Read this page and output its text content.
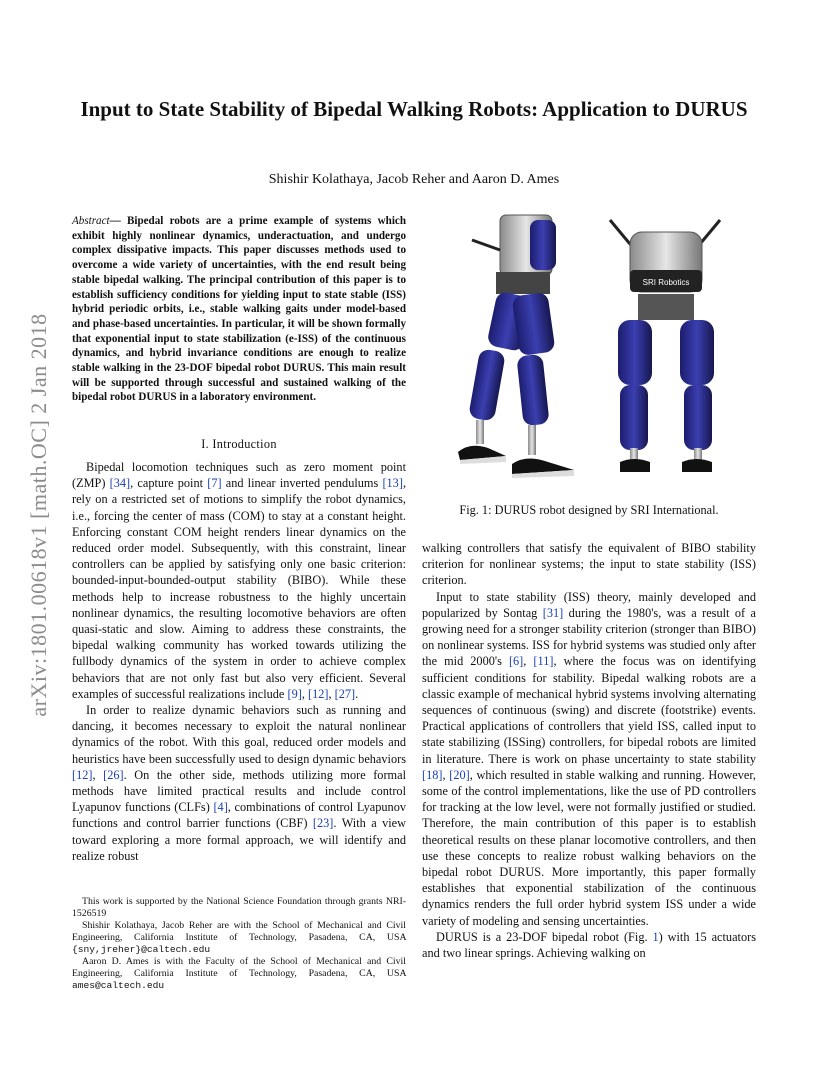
Input to State Stability of Bipedal Walking Robots: Application to DURUS
Shishir Kolathaya, Jacob Reher and Aaron D. Ames
arXiv:1801.00618v1 [math.OC] 2 Jan 2018
Abstract— Bipedal robots are a prime example of systems which exhibit highly nonlinear dynamics, underactuation, and undergo complex dissipative impacts. This paper discusses methods used to overcome a wide variety of uncertainties, with the end result being stable bipedal walking. The principal contribution of this paper is to establish sufficiency conditions for yielding input to state stable (ISS) hybrid periodic orbits, i.e., stable walking gaits under model-based and phase-based uncertainties. In particular, it will be shown formally that exponential input to state stabilization (e-ISS) of the continuous dynamics, and hybrid invariance conditions are enough to realize stable walking in the 23-DOF bipedal robot DURUS. This main result will be supported through successful and sustained walking of the bipedal robot DURUS in a laboratory environment.
I. Introduction

Bipedal locomotion techniques such as zero moment point (ZMP) [34], capture point [7] and linear inverted pendulums [13], rely on a restricted set of motions to simplify the robot dynamics, i.e., forcing the center of mass (COM) to stay at a constant height. Enforcing constant COM height renders linear dynamics on the reduced order model. Subsequently, with this constraint, linear controllers can be applied by satisfying only one basic criterion: bounded-input-bounded-output stability (BIBO). While these methods help to increase robustness to the highly uncertain nonlinear dynamics, the resulting locomotive behaviors are often quasi-static and slow. Aiming to address these constraints, the bipedal walking community has worked towards utilizing the fullbody dynamics of the system in order to achieve complex behaviors that are not only fast but also very efficient. Several examples of successful realizations include [9], [12], [27].

In order to realize dynamic behaviors such as running and dancing, it becomes necessary to exploit the natural nonlinear dynamics of the robot. With this goal, reduced order models and heuristics have been successfully used to design dynamic behaviors [12], [26]. On the other side, methods utilizing more formal methods have limited practical results and include control Lyapunov functions (CLFs) [4], combinations of control Lyapunov functions and control barrier functions (CBF) [23]. With a view toward exploring a more formal approach, we will identify and realize robust

This work is supported by the National Science Foundation through grants NRI-1526519

Shishir Kolathaya, Jacob Reher are with the School of Mechanical and Civil Engineering, California Institute of Technology, Pasadena, CA, USA {sny,jreher}@caltech.edu

Aaron D. Ames is with the Faculty of the School of Mechanical and Civil Engineering, California Institute of Technology, Pasadena, CA, USA ames@caltech.edu

SRI Robotics
Fig. 1: DURUS robot designed by SRI International.

walking controllers that satisfy the equivalent of BIBO stability criterion for nonlinear systems; the input to state stability (ISS) criterion.

Input to state stability (ISS) theory, mainly developed and popularized by Sontag [31] during the 1980's, was a result of a growing need for a stronger stability criterion (stronger than BIBO) on nonlinear systems. ISS for hybrid systems was studied only after the mid 2000's [6], [11], where the focus was on identifying sufficient conditions for stability. Bipedal walking robots are a classic example of mechanical hybrid systems involving alternating sequences of continuous (swing) and discrete (footstrike) events. Practical applications of controllers that yield ISS, called input to state stabilizing (ISSing) controllers, for bipedal robots are limited in literature. There is work on phase uncertainty to state stability [18], [20], which resulted in stable walking and running. However, some of the control implementations, like the use of PD controllers for tracking at the low level, were not formally justified or studied. Therefore, the main contribution of this paper is to establish theoretical results on these planar locomotive controllers, and then use these concepts to realize robust walking behaviors on the bipedal robot DURUS. More importantly, this paper formally establishes that exponential stabilization of the continuous dynamics renders the full order hybrid system ISS under a wide variety of modeling and sensing uncertainties.

DURUS is a 23-DOF bipedal robot (Fig. 1) with 15 actuators and two linear springs. Achieving walking on
